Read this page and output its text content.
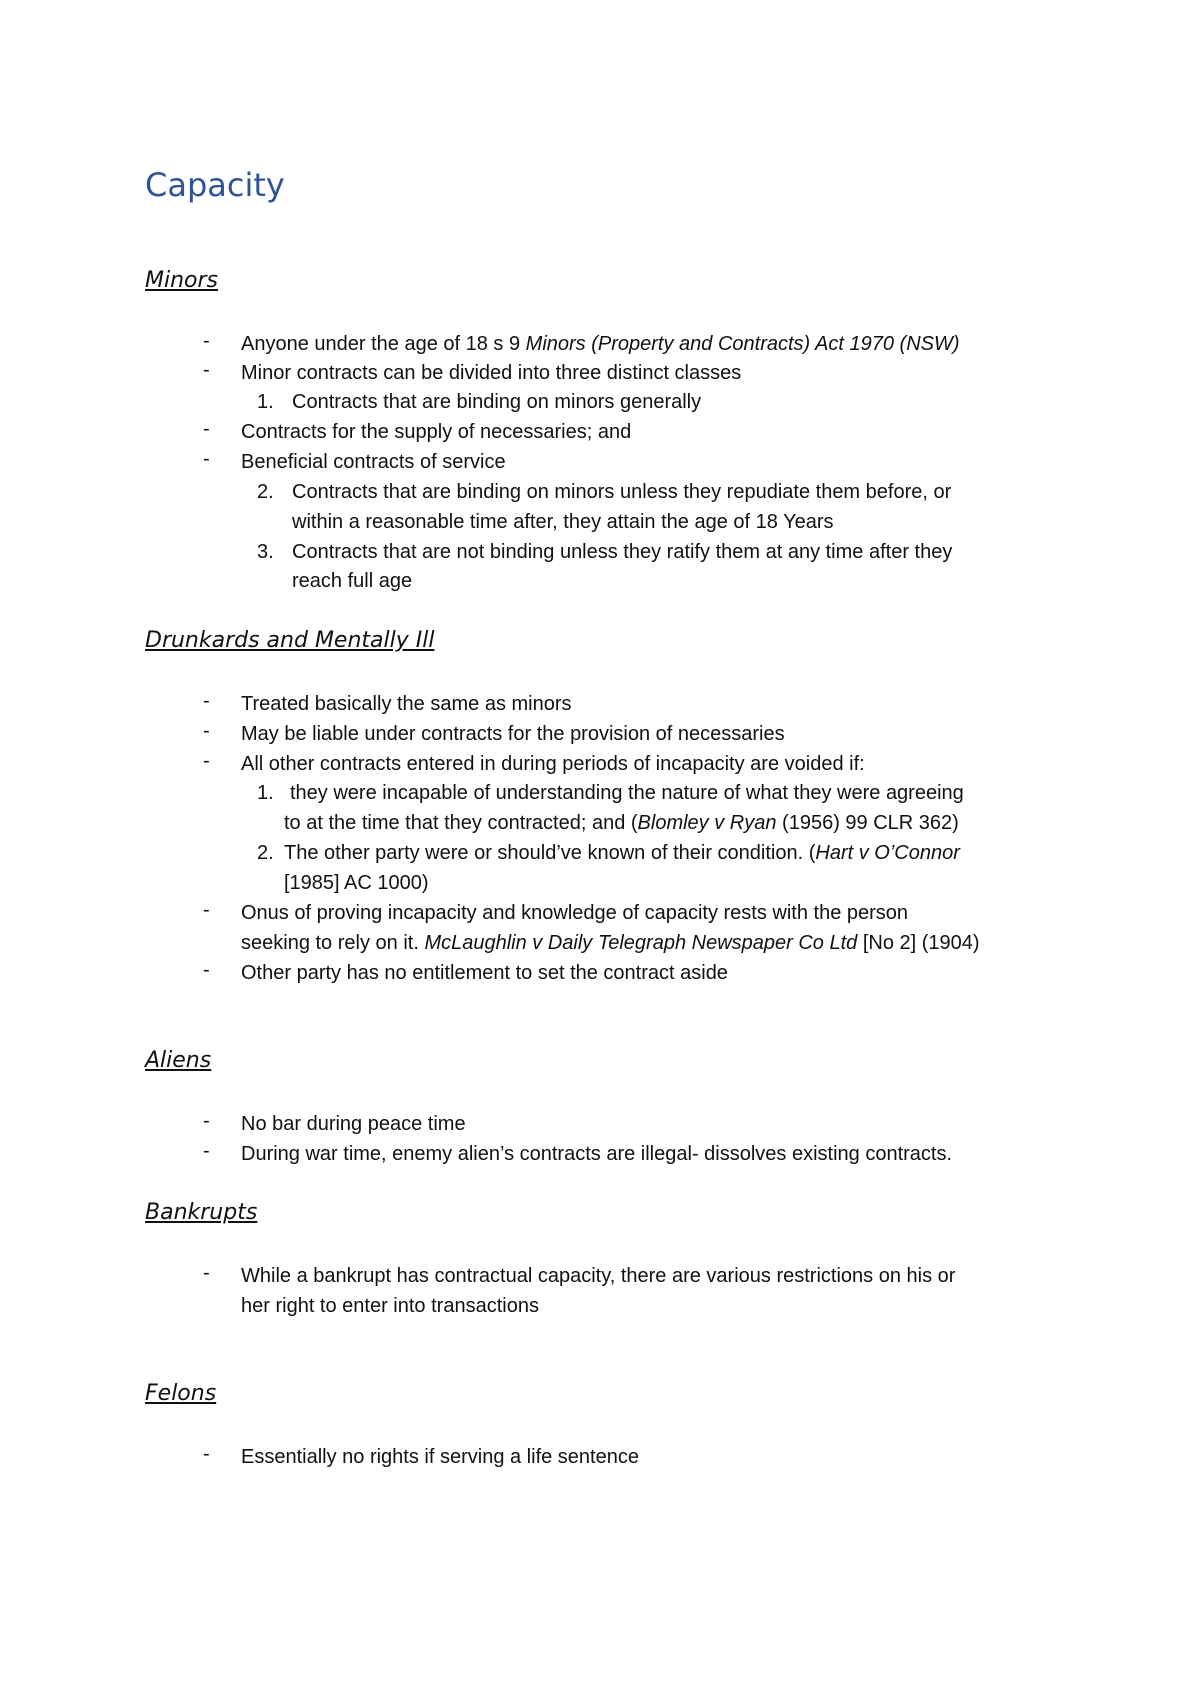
Capacity
Minors
- Anyone under the age of 18 s 9 Minors (Property and Contracts) Act 1970 (NSW)
- Minor contracts can be divided into three distinct classes
1. Contracts that are binding on minors generally
- Contracts for the supply of necessaries; and
- Beneficial contracts of service
2. Contracts that are binding on minors unless they repudiate them before, or
within a reasonable time after, they attain the age of 18 Years
3. Contracts that are not binding unless they ratify them at any time after they
reach full age
Drunkards and Mentally Ill
- Treated basically the same as minors
- May be liable under contracts for the provision of necessaries
- All other contracts entered in during periods of incapacity are voided if:
1. they were incapable of understanding the nature of what they were agreeing
to at the time that they contracted; and (Blomley v Ryan (1956) 99 CLR 362)
2. The other party were or should’ve known of their condition. (Hart v O’Connor
[1985] AC 1000)
- Onus of proving incapacity and knowledge of capacity rests with the person
seeking to rely on it. McLaughlin v Daily Telegraph Newspaper Co Ltd [No 2] (1904)
- Other party has no entitlement to set the contract aside
Aliens
- No bar during peace time
- During war time, enemy alien’s contracts are illegal- dissolves existing contracts.
Bankrupts
- While a bankrupt has contractual capacity, there are various restrictions on his or
her right to enter into transactions
Felons
- Essentially no rights if serving a life sentence
